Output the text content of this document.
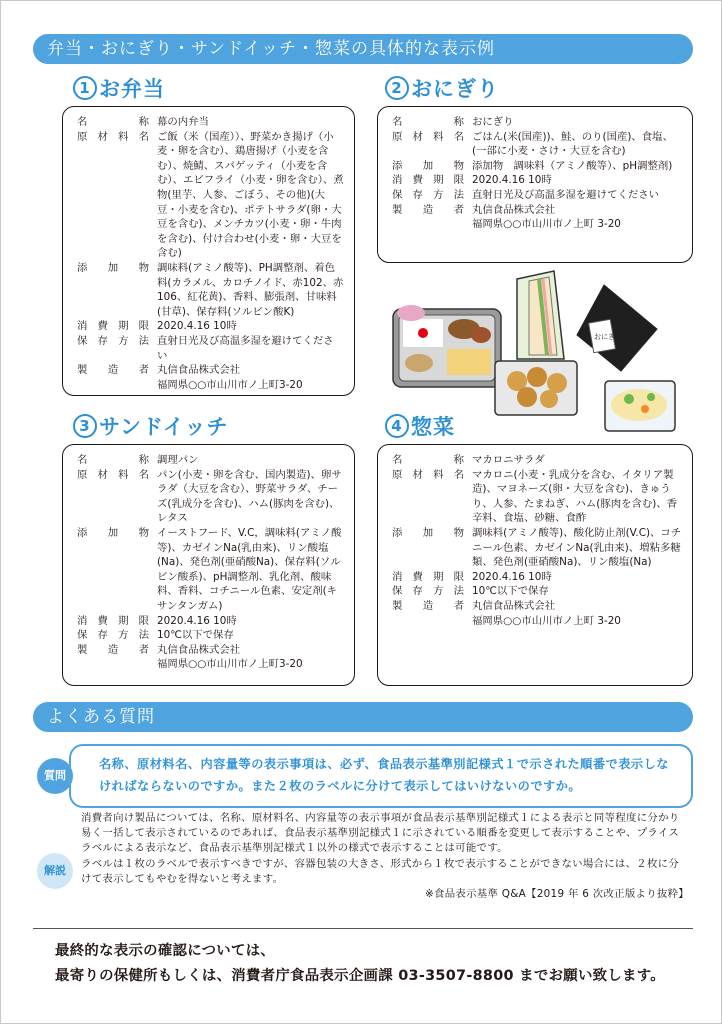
弁当・おにぎり・サンドイッチ・惣菜の具体的な表示例
1 お弁当
名	称 幕の内弁当
原 材 料 名 ご飯（米（国産））、野菜かき揚げ（小麦・卵を含む）、鶏唐揚げ（小麦を含む）、焼鯖、スパゲッティ（小麦を含む）、エビフライ（小麦・卵を含む）、煮物(里芋、人参、ごぼう、その他)(大豆・小麦を含む)、ポテトサラダ(卵・大豆を含む)、メンチカツ(小麦・卵・牛肉を含む)、付け合わせ(小麦・卵・大豆を含む)
添 加 物 調味料(アミノ酸等)、PH調整剤、着色料(カラメル、カロチノイド、赤102、赤106、紅花黄)、香料、膨張剤、甘味料(甘草)、保存料(ソルビン酸K)
消 費 期 限 2020.4.16 10時
保 存 方 法 直射日光及び高温多湿を避けてください
製 造 者 丸信食品株式会社
福岡県○○市山川市ノ上町3-20
2 おにぎり
名	称 おにぎり
原 材 料 名 ごはん(米(国産))、鮭、のり(国産)、食塩、(一部に小麦・さけ・大豆を含む)
添 加 物 添加物　調味料（アミノ酸等）、pH調整剤)
消 費 期 限 2020.4.16 10時
保 存 方 法 直射日光及び高温多湿を避けてください
製 造 者 丸信食品株式会社
福岡県○○市山川市ノ上町 3-20
おにぎり
3 サンドイッチ
名	称 調理パン
原 材 料 名 パン(小麦・卵を含む、国内製造)、卵サラダ（大豆を含む）、野菜サラダ、チーズ(乳成分を含む)、ハム(豚肉を含む)、レタス
添 加 物 イーストフード、V.C，調味料(アミノ酸等)、カゼインNa(乳由来)、リン酸塩(Na)、発色剤(亜硝酸Na)、保存料(ソルビン酸系)、pH調整剤、乳化剤、酸味料、香料、コチニール色素、安定剤(キサンタンガム)
消 費 期 限 2020.4.16 10時
保 存 方 法 10℃以下で保存
製 造 者 丸信食品株式会社
福岡県○○市山川市ノ上町3-20
4 惣菜
名	称 マカロニサラダ
原 材 料 名 マカロニ(小麦・乳成分を含む、イタリア製造)、マヨネーズ(卵・大豆を含む)、きゅうり、人参、たまねぎ、ハム(豚肉を含む)、香辛料、食塩、砂糖、食酢
添 加 物 調味料(アミノ酸等)、酸化防止剤(V.C)、コチニール色素、カゼインNa(乳由来)、増粘多糖類、発色剤(亜硝酸Na)、リン酸塩(Na)
消 費 期 限 2020.4.16 10時
保 存 方 法 10℃以下で保存
製 造 者 丸信食品株式会社
福岡県○○市山川市ノ上町 3-20
よくある質問
名称、原材料名、内容量等の表示事項は、必ず、食品表示基準別記様式１で示された順番で表示しなければならないのですか。また２枚のラベルに分けて表示してはいけないのですか。
質問
解説

消費者向け製品については、名称、原材料名、内容量等の表示事項が食品表示基準別記様式１による表示と同等程度に分かり易く一括して表示されているのであれば、食品表示基準別記様式１に示されている順番を変更して表示することや、プライスラベルによる表示など、食品表示基準別記様式１以外の様式で表示することは可能です。

ラベルは１枚のラベルで表示すべきですが、容器包装の大きさ、形式から１枚で表示することができない場合には、２枚に分けて表示してもやむを得ないと考えます。

※食品表示基準 Q&A【2019 年 6 次改正版より抜粋】

最終的な表示の確認については、
最寄りの保健所もしくは、消費者庁食品表示企画課 03-3507-8800 までお願い致します。
